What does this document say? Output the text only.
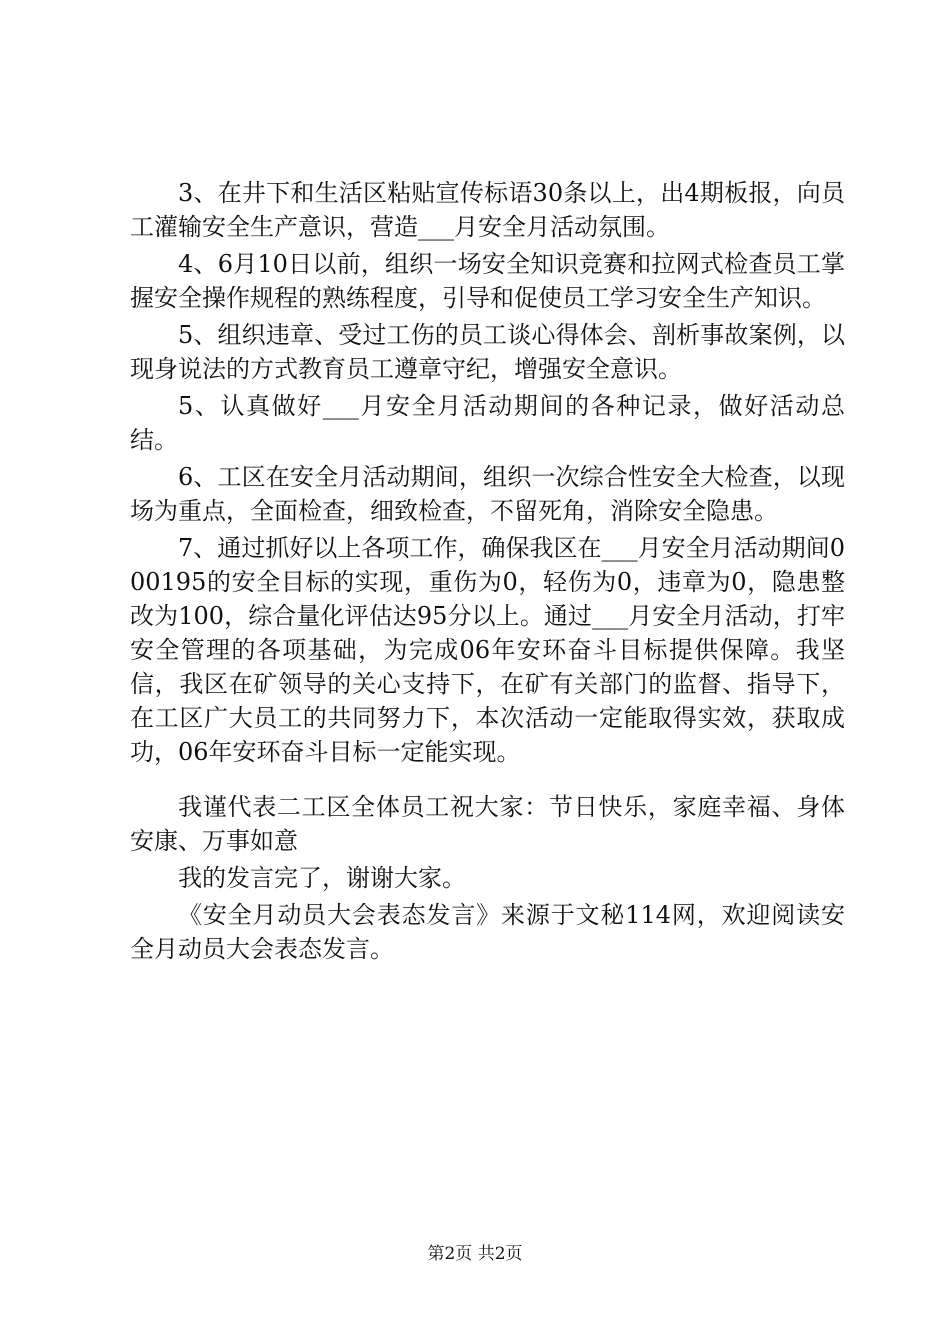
3、在井下和生活区粘贴宣传标语30条以上，出4期板报，向员工灌输安全生产意识，营造___月安全月活动氛围。

4、6月10日以前，组织一场安全知识竞赛和拉网式检查员工掌握安全操作规程的熟练程度，引导和促使员工学习安全生产知识。

5、组织违章、受过工伤的员工谈心得体会、剖析事故案例，以现身说法的方式教育员工遵章守纪，增强安全意识。

5、认真做好___月安全月活动期间的各种记录，做好活动总结。

6、工区在安全月活动期间，组织一次综合性安全大检查，以现场为重点，全面检查，细致检查，不留死角，消除安全隐患。

7、通过抓好以上各项工作，确保我区在___月安全月活动期间000195的安全目标的实现，重伤为0，轻伤为0，违章为0，隐患整改为100，综合量化评估达95分以上。通过___月安全月活动，打牢安全管理的各项基础，为完成06年安环奋斗目标提供保障。我坚信，我区在矿领导的关心支持下，在矿有关部门的监督、指导下，在工区广大员工的共同努力下，本次活动一定能取得实效，获取成功，06年安环奋斗目标一定能实现。

我谨代表二工区全体员工祝大家：节日快乐，家庭幸福、身体安康、万事如意

我的发言完了，谢谢大家。

《安全月动员大会表态发言》来源于文秘114网，欢迎阅读安全月动员大会表态发言。

第2页 共2页
